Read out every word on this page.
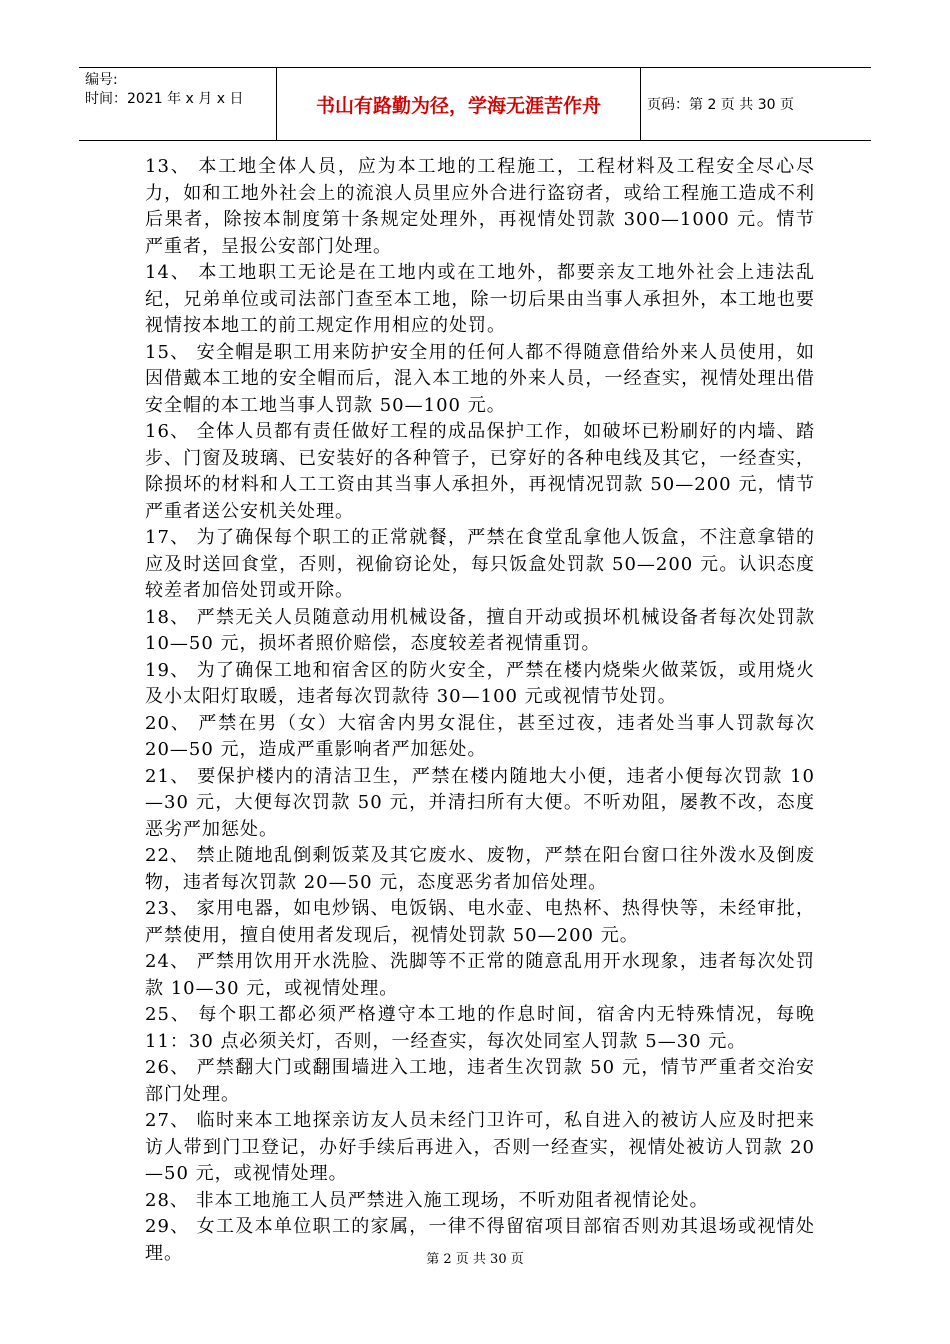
编号:
时间：2021 年 x 月 x 日	书山有路勤为径，学海无涯苦作舟	页码：第 2 页 共 30 页

13、 本工地全体人员，应为本工地的工程施工，工程材料及工程安全尽心尽力，如和工地外社会上的流浪人员里应外合进行盗窃者，或给工程施工造成不利后果者，除按本制度第十条规定处理外，再视情处罚款 300—1000 元。情节严重者，呈报公安部门处理。

14、 本工地职工无论是在工地内或在工地外，都要亲友工地外社会上违法乱纪，兄弟单位或司法部门查至本工地，除一切后果由当事人承担外，本工地也要视情按本地工的前工规定作用相应的处罚。

15、 安全帽是职工用来防护安全用的任何人都不得随意借给外来人员使用，如因借戴本工地的安全帽而后，混入本工地的外来人员，一经查实，视情处理出借安全帽的本工地当事人罚款 50—100 元。

16、 全体人员都有责任做好工程的成品保护工作，如破坏已粉刷好的内墙、踏步、门窗及玻璃、已安装好的各种管子，已穿好的各种电线及其它，一经查实，除损坏的材料和人工工资由其当事人承担外，再视情况罚款 50—200 元，情节严重者送公安机关处理。

17、 为了确保每个职工的正常就餐，严禁在食堂乱拿他人饭盒，不注意拿错的应及时送回食堂，否则，视偷窃论处，每只饭盒处罚款 50—200 元。认识态度较差者加倍处罚或开除。

18、 严禁无关人员随意动用机械设备，擅自开动或损坏机械设备者每次处罚款 10—50 元，损坏者照价赔偿，态度较差者视情重罚。

19、 为了确保工地和宿舍区的防火安全，严禁在楼内烧柴火做菜饭，或用烧火及小太阳灯取暖，违者每次罚款待 30—100 元或视情节处罚。

20、 严禁在男（女）大宿舍内男女混住，甚至过夜，违者处当事人罚款每次 20—50 元，造成严重影响者严加惩处。

21、 要保护楼内的清洁卫生，严禁在楼内随地大小便，违者小便每次罚款 10—30 元，大便每次罚款 50 元，并清扫所有大便。不听劝阻，屡教不改，态度恶劣严加惩处。

22、 禁止随地乱倒剩饭菜及其它废水、废物，严禁在阳台窗口往外泼水及倒废物，违者每次罚款 20—50 元，态度恶劣者加倍处理。

23、 家用电器，如电炒锅、电饭锅、电水壶、电热杯、热得快等，未经审批，严禁使用，擅自使用者发现后，视情处罚款 50—200 元。

24、 严禁用饮用开水洗脸、洗脚等不正常的随意乱用开水现象，违者每次处罚款 10—30 元，或视情处理。

25、 每个职工都必须严格遵守本工地的作息时间，宿舍内无特殊情况，每晚 11：30 点必须关灯，否则，一经查实，每次处同室人罚款 5—30 元。

26、 严禁翻大门或翻围墙进入工地，违者生次罚款 50 元，情节严重者交治安部门处理。

27、 临时来本工地探亲访友人员未经门卫许可，私自进入的被访人应及时把来访人带到门卫登记，办好手续后再进入，否则一经查实，视情处被访人罚款 20—50 元，或视情处理。

28、 非本工地施工人员严禁进入施工现场，不听劝阻者视情论处。

29、 女工及本单位职工的家属，一律不得留宿项目部宿否则劝其退场或视情处理。	第 2 页 共 30 页
